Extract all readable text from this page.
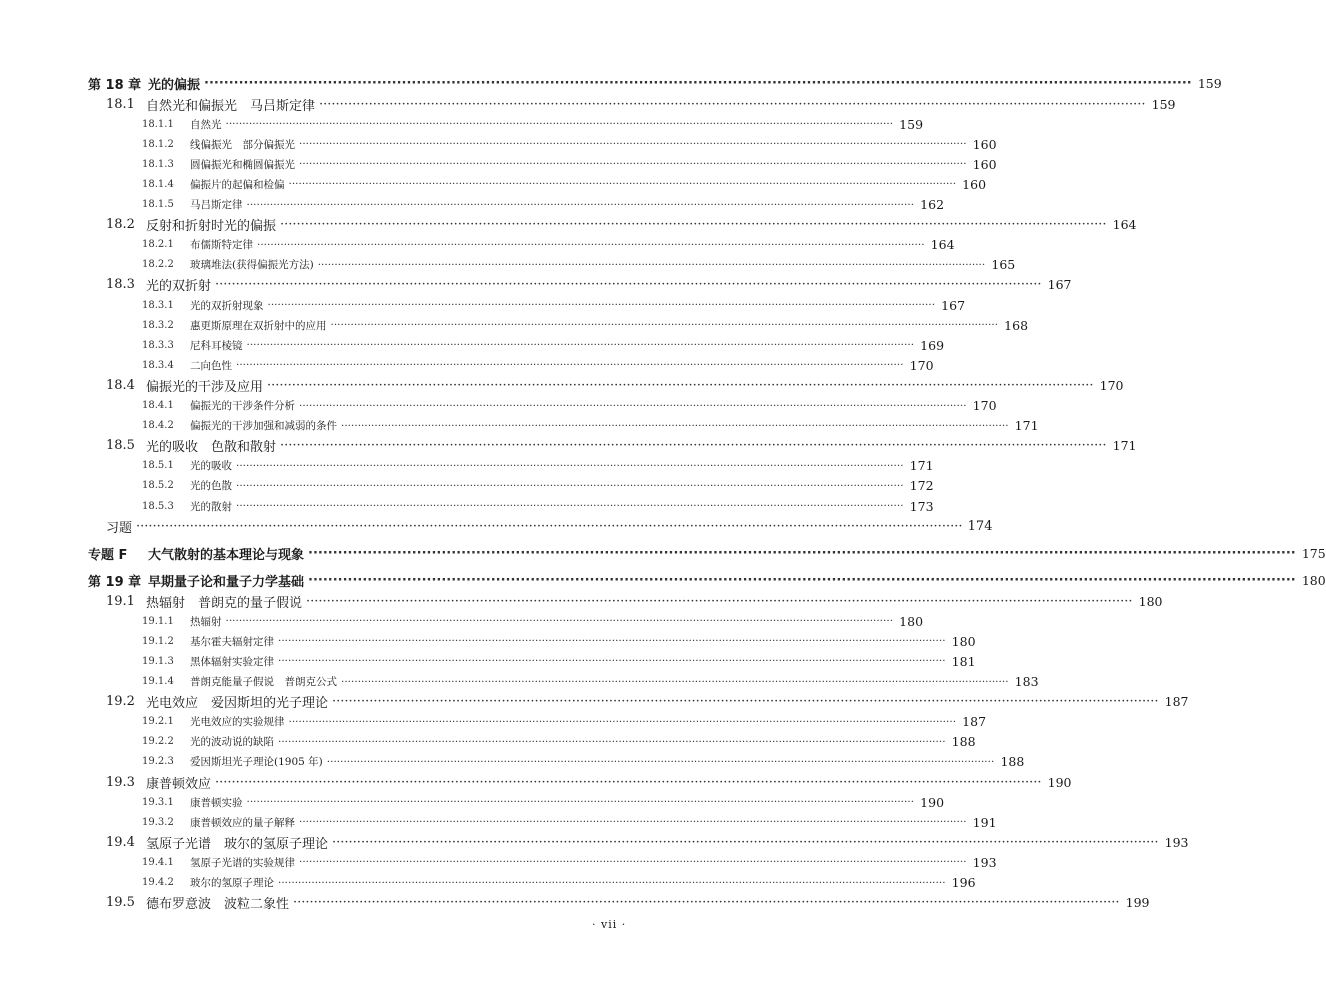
第 18 章 光的偏振 ········································································································································································································ 159
18.1 自然光和偏振光　马吕斯定律 ········································································································································································································ 159
18.1.1	自然光 ········································································································································································································ 159
18.1.2	线偏振光　部分偏振光 ········································································································································································································ 160
18.1.3	圆偏振光和椭圆偏振光 ········································································································································································································ 160
18.1.4	偏振片的起偏和检偏 ········································································································································································································ 160
18.1.5	马吕斯定律 ········································································································································································································ 162
18.2 反射和折射时光的偏振 ········································································································································································································ 164
18.2.1	布儒斯特定律 ········································································································································································································ 164
18.2.2	玻璃堆法(获得偏振光方法) ········································································································································································································ 165
18.3 光的双折射 ········································································································································································································ 167
18.3.1	光的双折射现象 ········································································································································································································ 167
18.3.2	惠更斯原理在双折射中的应用 ········································································································································································································ 168
18.3.3	尼科耳棱镜 ········································································································································································································ 169
18.3.4	二向色性 ········································································································································································································ 170
18.4 偏振光的干涉及应用 ········································································································································································································ 170
18.4.1	偏振光的干涉条件分析 ········································································································································································································ 170
18.4.2	偏振光的干涉加强和减弱的条件 ········································································································································································································ 171
18.5 光的吸收　色散和散射 ········································································································································································································ 171
18.5.1	光的吸收 ········································································································································································································ 171
18.5.2	光的色散 ········································································································································································································ 172
18.5.3	光的散射 ········································································································································································································ 173
习题 ········································································································································································································ 174
专题 F	大气散射的基本理论与现象 ········································································································································································································ 175
第 19 章 早期量子论和量子力学基础 ········································································································································································································ 180
19.1 热辐射　普朗克的量子假说 ········································································································································································································ 180
19.1.1	热辐射 ········································································································································································································ 180
19.1.2	基尔霍夫辐射定律 ········································································································································································································ 180
19.1.3	黑体辐射实验定律 ········································································································································································································ 181
19.1.4	普朗克能量子假说　普朗克公式 ········································································································································································································ 183
19.2 光电效应　爱因斯坦的光子理论 ········································································································································································································ 187
19.2.1	光电效应的实验规律 ········································································································································································································ 187
19.2.2	光的波动说的缺陷 ········································································································································································································ 188
19.2.3	爱因斯坦光子理论(1905 年) ········································································································································································································ 188
19.3 康普顿效应 ········································································································································································································ 190
19.3.1	康普顿实验 ········································································································································································································ 190
19.3.2	康普顿效应的量子解释 ········································································································································································································ 191
19.4 氢原子光谱　玻尔的氢原子理论 ········································································································································································································ 193
19.4.1	氢原子光谱的实验规律 ········································································································································································································ 193
19.4.2	玻尔的氢原子理论 ········································································································································································································ 196
19.5 德布罗意波　波粒二象性 ········································································································································································································ 199
· vii ·
